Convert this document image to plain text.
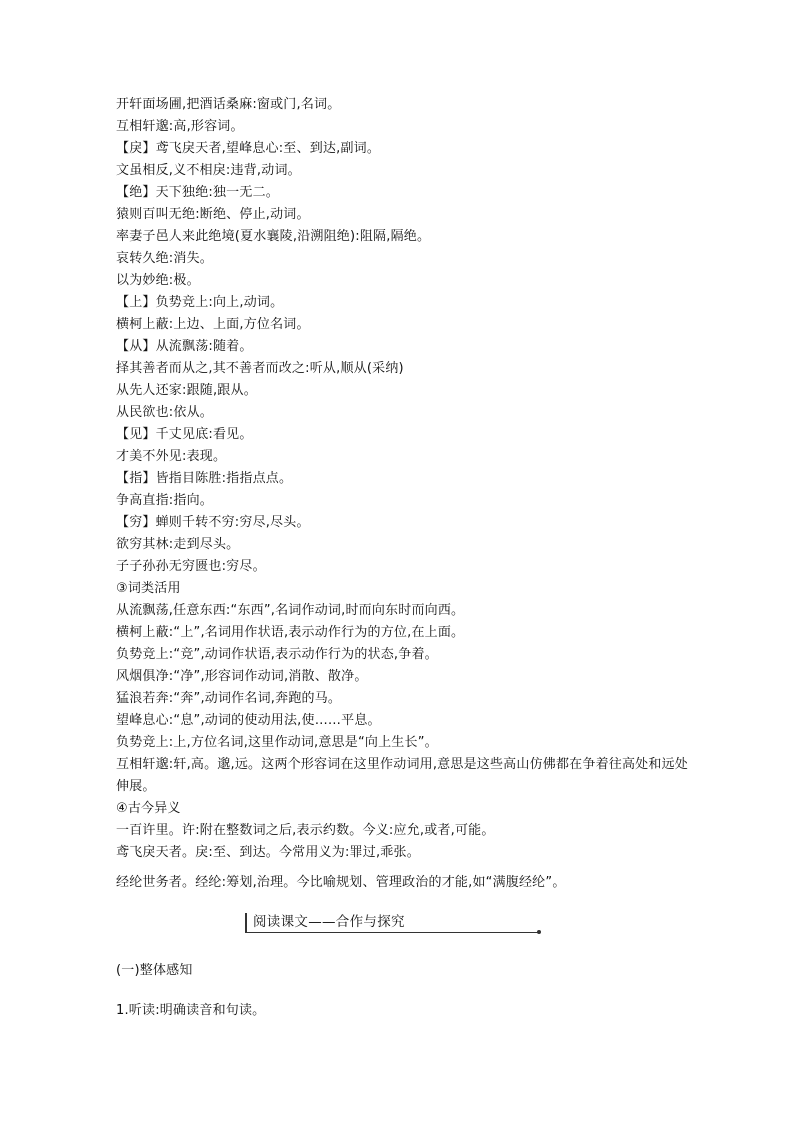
开轩面场圃,把酒话桑麻:窗或门,名词。
互相轩邈:高,形容词。
【戾】鸢飞戾天者,望峰息心:至、到达,副词。
文虽相反,义不相戾:违背,动词。
【绝】天下独绝:独一无二。
猿则百叫无绝:断绝、停止,动词。
率妻子邑人来此绝境(夏水襄陵,沿溯阻绝):阻隔,隔绝。
哀转久绝:消失。
以为妙绝:极。
【上】负势竞上:向上,动词。
横柯上蔽:上边、上面,方位名词。
【从】从流飘荡:随着。
择其善者而从之,其不善者而改之:听从,顺从(采纳)
从先人还家:跟随,跟从。
从民欲也:依从。
【见】千丈见底:看见。
才美不外见:表现。
【指】皆指目陈胜:指指点点。
争高直指:指向。
【穷】蝉则千转不穷:穷尽,尽头。
欲穷其林:走到尽头。
子子孙孙无穷匮也:穷尽。
③词类活用
从流飘荡,任意东西:“东西”,名词作动词,时而向东时而向西。
横柯上蔽:“上”,名词用作状语,表示动作行为的方位,在上面。
负势竞上:“竞”,动词作状语,表示动作行为的状态,争着。
风烟俱净:“净”,形容词作动词,消散、散净。
猛浪若奔:“奔”,动词作名词,奔跑的马。
望峰息心:“息”,动词的使动用法,使……平息。
负势竞上:上,方位名词,这里作动词,意思是“向上生长”。
互相轩邈:轩,高。邈,远。这两个形容词在这里作动词用,意思是这些高山仿佛都在争着往高处和远处伸展。
④古今异义
一百许里。许:附在整数词之后,表示约数。今义:应允,或者,可能。
鸢飞戾天者。戾:至、到达。今常用义为:罪过,乖张。
经纶世务者。经纶:筹划,治理。今比喻规划、管理政治的才能,如“满腹经纶”。
阅读课文——合作与探究
(一)整体感知
1.听读:明确读音和句读。
